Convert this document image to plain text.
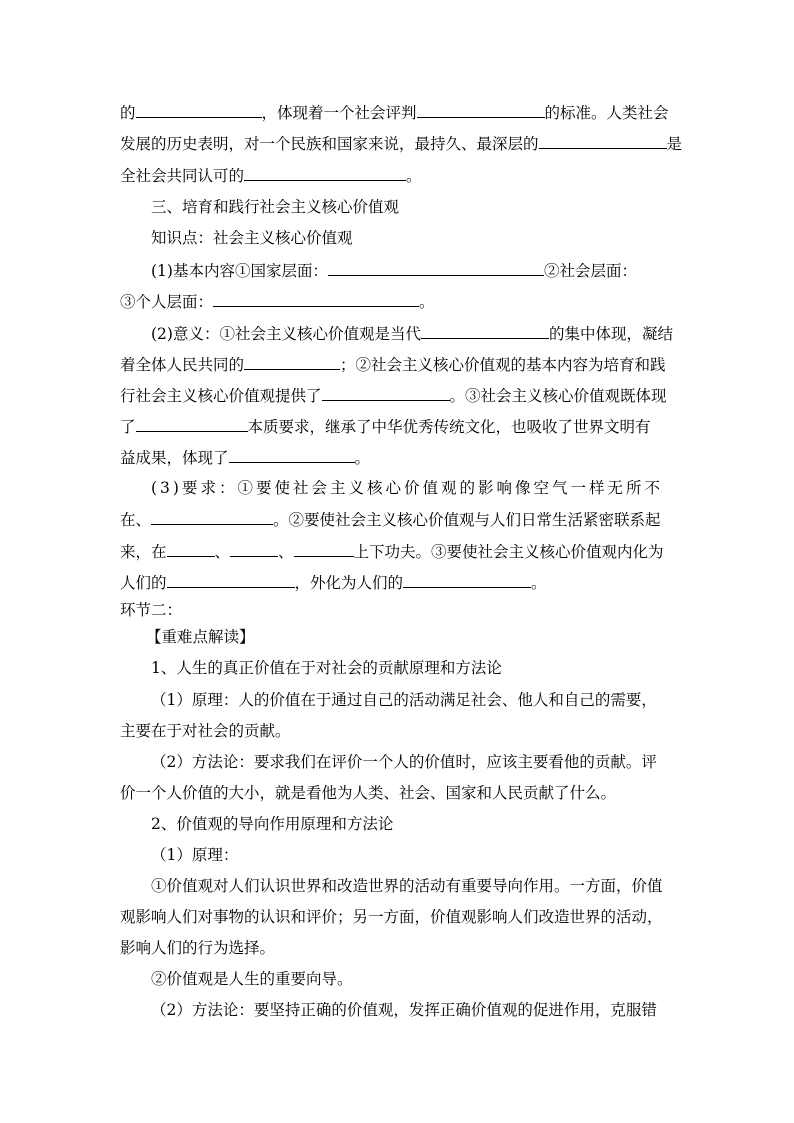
的	，体现着一个社会评判	的标准。人类社会
发展的历史表明，对一个民族和国家来说，最持久、最深层的	是
全社会共同认可的	。
三、培育和践行社会主义核心价值观
知识点：社会主义核心价值观
(1)基本内容①国家层面：	②社会层面：
③个人层面：	。
(2)意义：①社会主义核心价值观是当代	的集中体现，凝结
着全体人民共同的	；②社会主义核心价值观的基本内容为培育和践
行社会主义核心价值观提供了	。③社会主义核心价值观既体现
了	本质要求，继承了中华优秀传统文化，也吸收了世界文明有
益成果，体现了	。
(3)要求：①要使社会主义核心价值观的影响像空气一样无所不
在、	。②要使社会主义核心价值观与人们日常生活紧密联系起
来，在	、	、	上下功夫。③要使社会主义核心价值观内化为
人们的	，外化为人们的	。
环节二：
【重难点解读】
1、人生的真正价值在于对社会的贡献原理和方法论
（1）原理：人的价值在于通过自己的活动满足社会、他人和自己的需要，
主要在于对社会的贡献。
（2）方法论：要求我们在评价一个人的价值时，应该主要看他的贡献。评
价一个人价值的大小，就是看他为人类、社会、国家和人民贡献了什么。
2、价值观的导向作用原理和方法论
（1）原理：
①价值观对人们认识世界和改造世界的活动有重要导向作用。一方面，价值
观影响人们对事物的认识和评价；另一方面，价值观影响人们改造世界的活动，
影响人们的行为选择。
②价值观是人生的重要向导。
（2）方法论：要坚持正确的价值观，发挥正确价值观的促进作用，克服错
